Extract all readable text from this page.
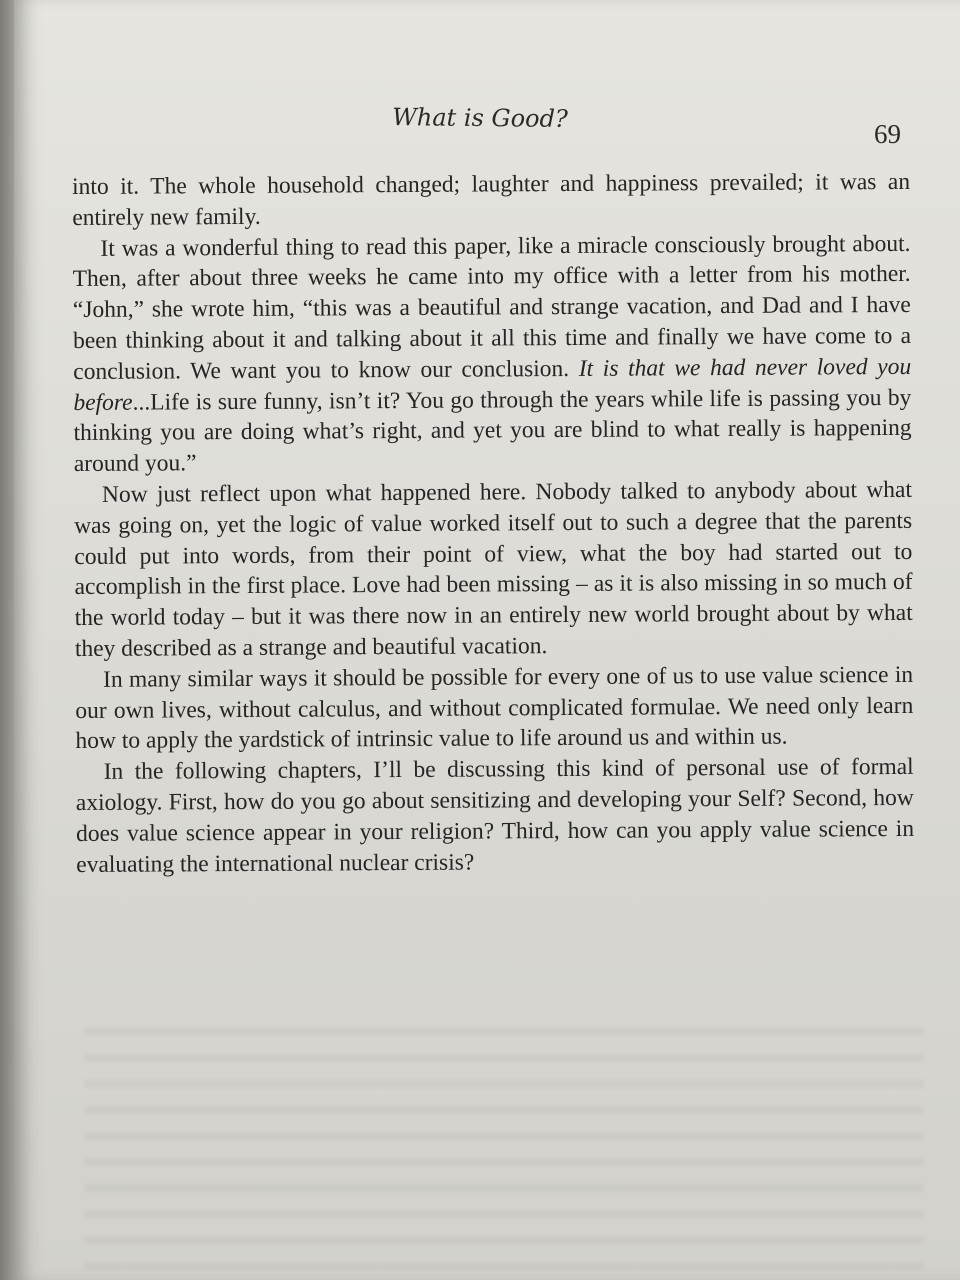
What is Good?
69

into it. The whole household changed; laughter and happiness prevailed; it was an entirely new family.

It was a wonderful thing to read this paper, like a miracle consciously brought about. Then, after about three weeks he came into my office with a letter from his mother. “John,” she wrote him, “this was a beautiful and strange vacation, and Dad and I have been thinking about it and talking about it all this time and finally we have come to a conclusion. We want you to know our conclusion. It is that we had never loved you before...Life is sure funny, isn’t it? You go through the years while life is passing you by thinking you are doing what’s right, and yet you are blind to what really is happening around you.”

Now just reflect upon what happened here. Nobody talked to anybody about what was going on, yet the logic of value worked itself out to such a degree that the parents could put into words, from their point of view, what the boy had started out to accomplish in the first place. Love had been missing – as it is also missing in so much of the world today – but it was there now in an entirely new world brought about by what they described as a strange and beautiful vacation.

In many similar ways it should be possible for every one of us to use value science in our own lives, without calculus, and without complicated formulae. We need only learn how to apply the yardstick of intrinsic value to life around us and within us.

In the following chapters, I’ll be discussing this kind of personal use of formal axiology. First, how do you go about sensitizing and developing your Self? Second, how does value science appear in your religion? Third, how can you apply value science in evaluating the international nuclear crisis?
